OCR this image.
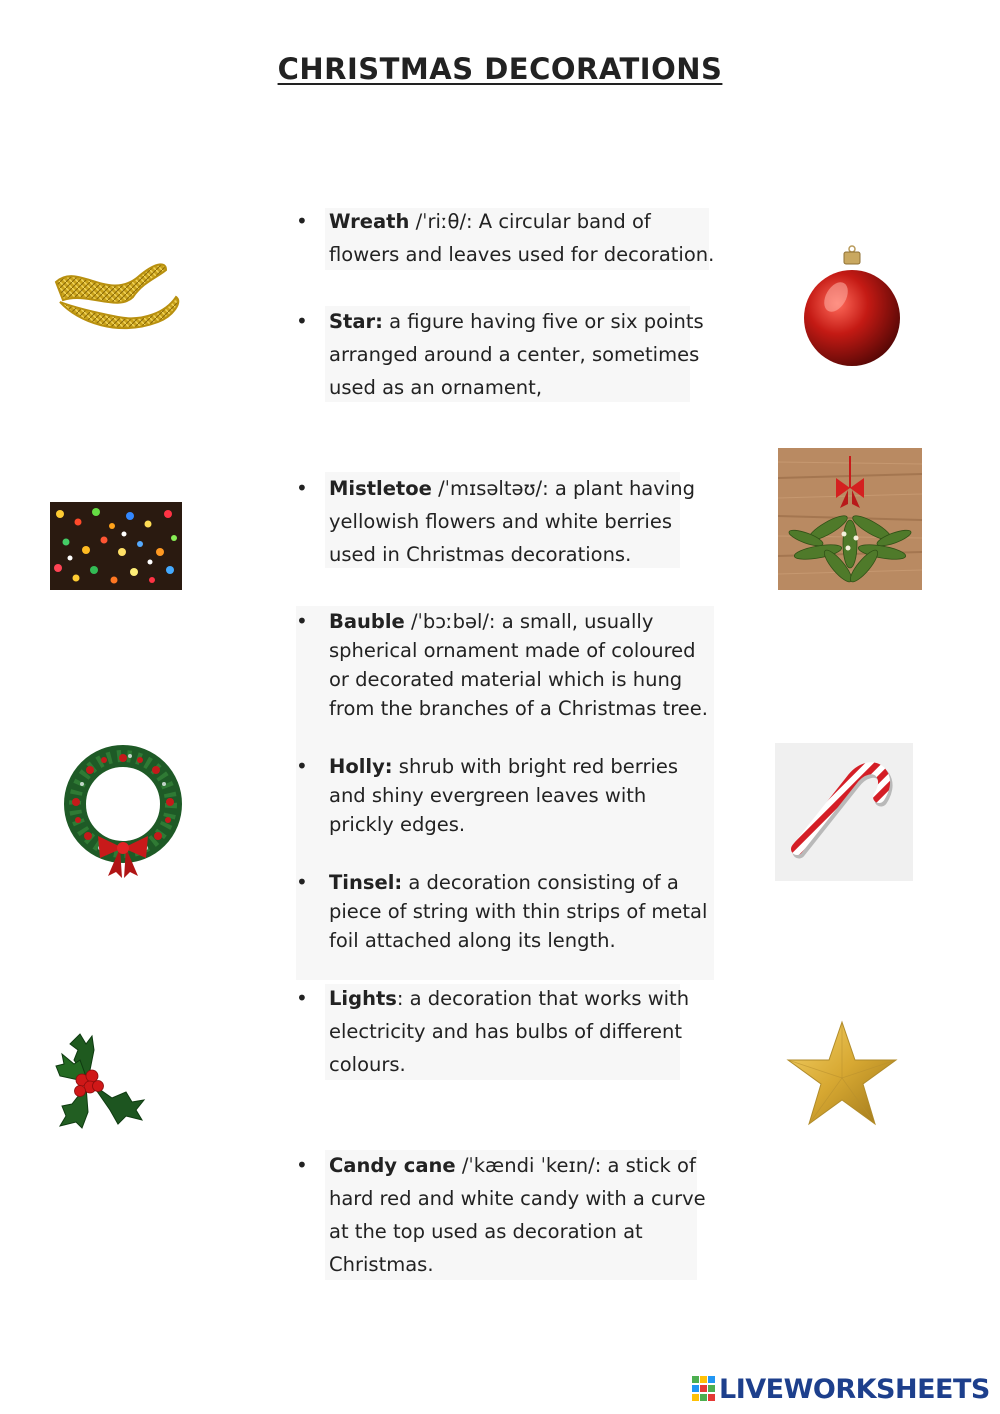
CHRISTMAS DECORATIONS
•	Wreath /ˈriːθ/: A circular band of flowers and leaves used for decoration.
•	Star: a figure having five or six points arranged around a center, sometimes used as an ornament,
•	Mistletoe /ˈmɪsəltəʊ/: a plant having yellowish flowers and white berries used in Christmas decorations.
•	Bauble /ˈbɔːbəl/: a small, usually spherical ornament made of coloured or decorated material which is hung from the branches of a Christmas tree.
•	Holly: shrub with bright red berries and shiny evergreen leaves with prickly edges.
•	Tinsel: a decoration consisting of a piece of string with thin strips of metal foil attached along its length.
•	Lights: a decoration that works with electricity and has bulbs of different colours.
•	Candy cane /ˈkændi ˈkeɪn/: a stick of hard red and white candy with a curve at the top used as decoration at Christmas.
LIVEWORKSHEETS
